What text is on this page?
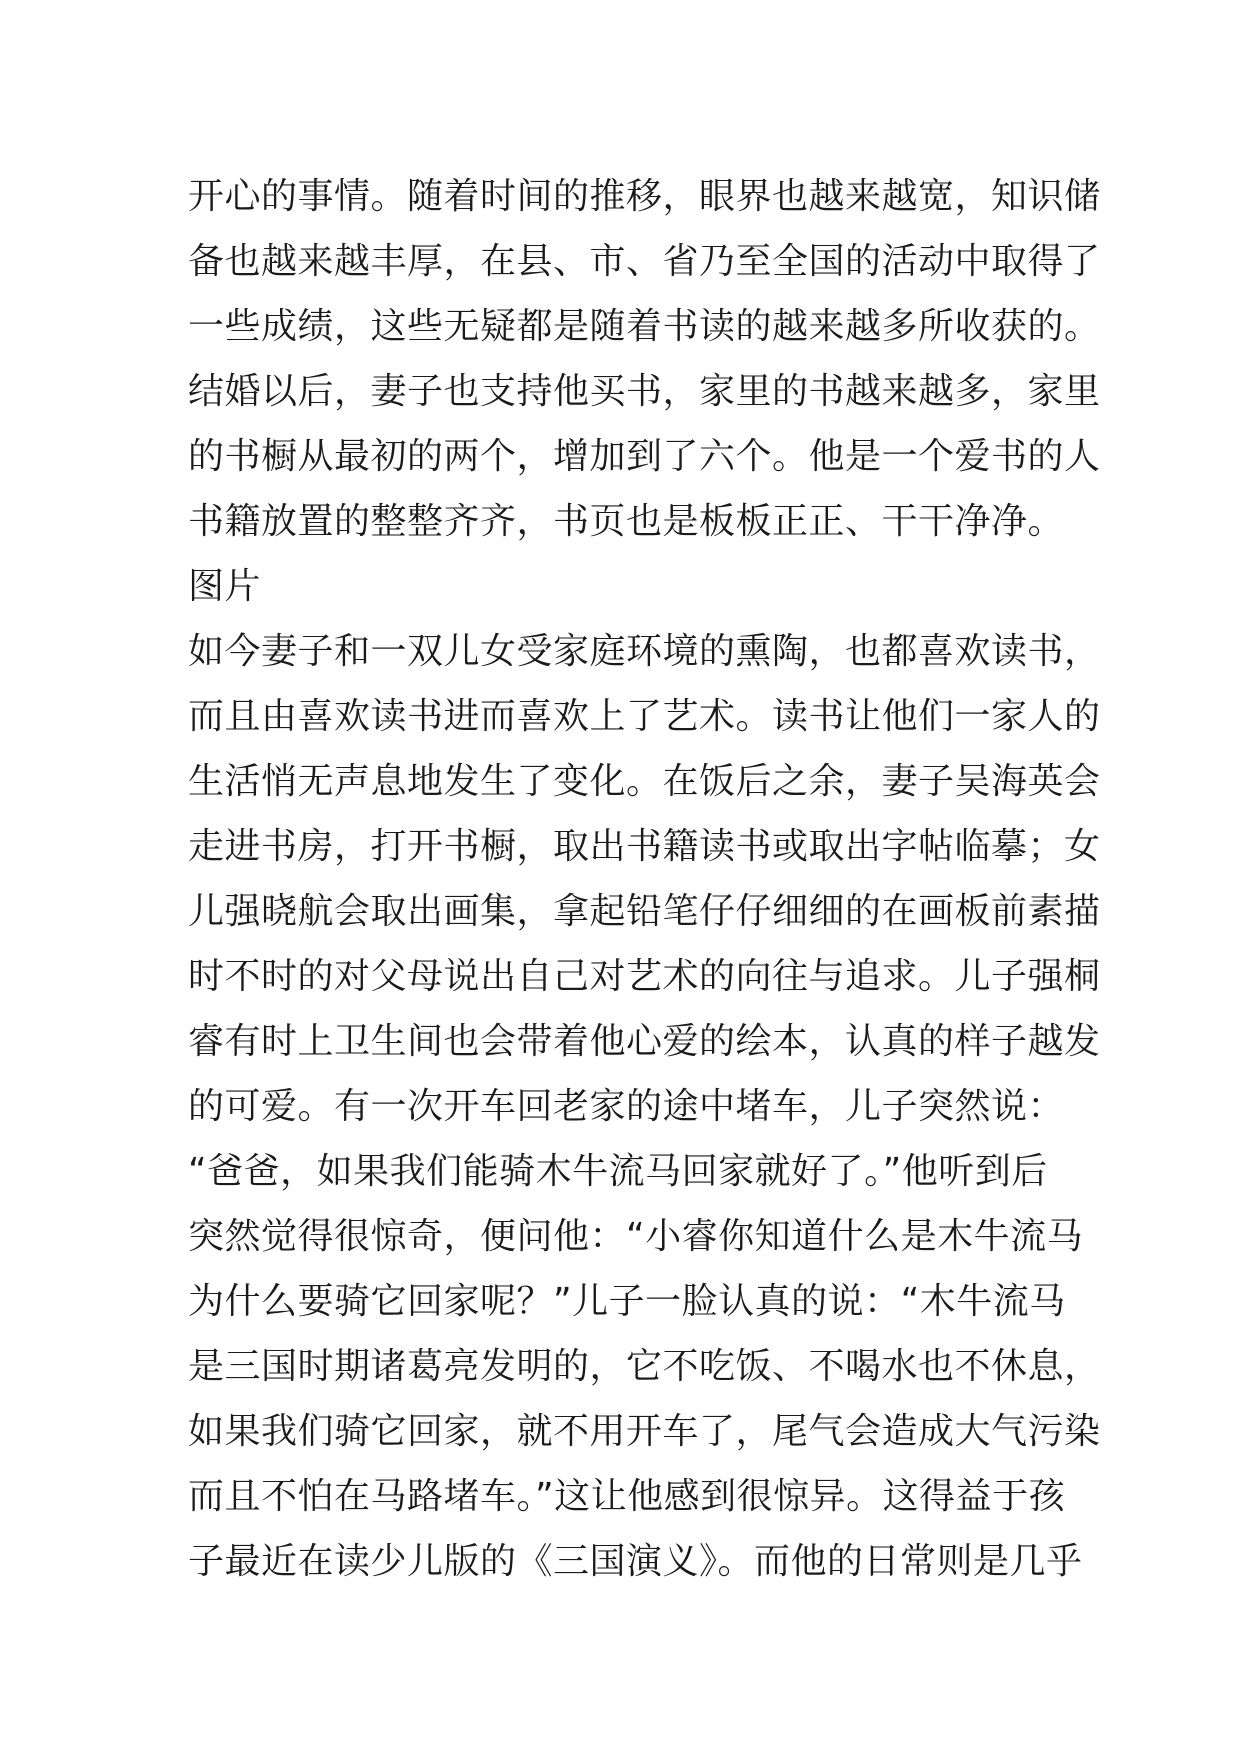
开心的事情。随着时间的推移，眼界也越来越宽，知识储
备也越来越丰厚，在县、市、省乃至全国的活动中取得了
一些成绩，这些无疑都是随着书读的越来越多所收获的。
结婚以后，妻子也支持他买书，家里的书越来越多，家里
的书橱从最初的两个，增加到了六个。他是一个爱书的人
书籍放置的整整齐齐，书页也是板板正正、干干净净。
图片
如今妻子和一双儿女受家庭环境的熏陶，也都喜欢读书，
而且由喜欢读书进而喜欢上了艺术。读书让他们一家人的
生活悄无声息地发生了变化。在饭后之余，妻子吴海英会
走进书房，打开书橱，取出书籍读书或取出字帖临摹；女
儿强晓航会取出画集，拿起铅笔仔仔细细的在画板前素描
时不时的对父母说出自己对艺术的向往与追求。儿子强桐
睿有时上卫生间也会带着他心爱的绘本，认真的样子越发
的可爱。有一次开车回老家的途中堵车，儿子突然说：
“爸爸，如果我们能骑木牛流马回家就好了。”他听到后
突然觉得很惊奇，便问他：“小睿你知道什么是木牛流马
为什么要骑它回家呢？”儿子一脸认真的说：“木牛流马
是三国时期诸葛亮发明的，它不吃饭、不喝水也不休息，
如果我们骑它回家，就不用开车了，尾气会造成大气污染
而且不怕在马路堵车。”这让他感到很惊异。这得益于孩
子最近在读少儿版的《三国演义》。而他的日常则是几乎
